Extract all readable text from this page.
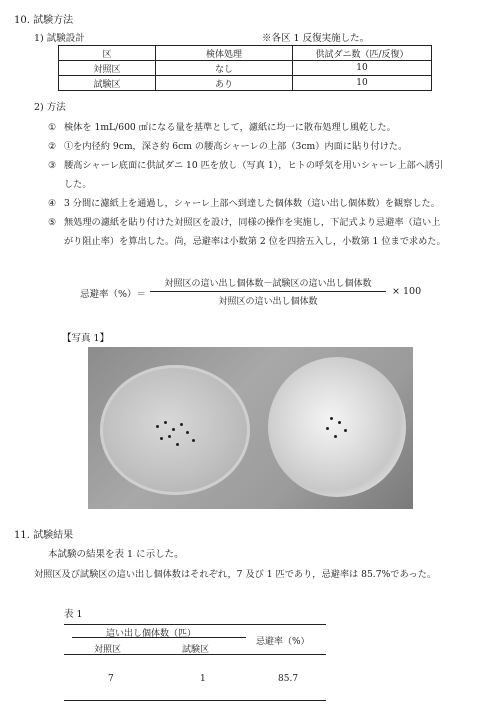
10. 試験方法
1) 試験設計	※各区 1 反復実施した。
区	検体処理	供試ダニ数（匹/反復）
対照区	なし	10
試験区	あり	10
2) 方法
① 検体を 1mL/600 ㎠になる量を基準として，濾紙に均一に散布処理し風乾した。
② ①を内径約 9cm，深さ約 6cm の腰高シャーレの上部（3cm）内面に貼り付けた。
③ 腰高シャーレ底面に供試ダニ 10 匹を放し（写真 1），ヒトの呼気を用いシャーレ上部へ誘引
した。
④ 3 分間に濾紙上を通過し，シャーレ上部へ到達した個体数（這い出し個体数）を観察した。
⑤ 無処理の濾紙を貼り付けた対照区を設け，同様の操作を実施し，下記式より忌避率（這い上
がり阻止率）を算出した。尚，忌避率は小数第 2 位を四捨五入し，小数第 1 位まで求めた。
忌避率（%）＝
対照区の這い出し個体数－試験区の這い出し個体数
対照区の這い出し個体数
× 100
【写真 1】
11. 試験結果
本試験の結果を表 1 に示した。
対照区及び試験区の這い出し個体数はそれぞれ，7 及び 1 匹であり，忌避率は 85.7%であった。
表 1
這い出し個体数（匹）
対照区	試験区
忌避率（%）
7	1	85.7
